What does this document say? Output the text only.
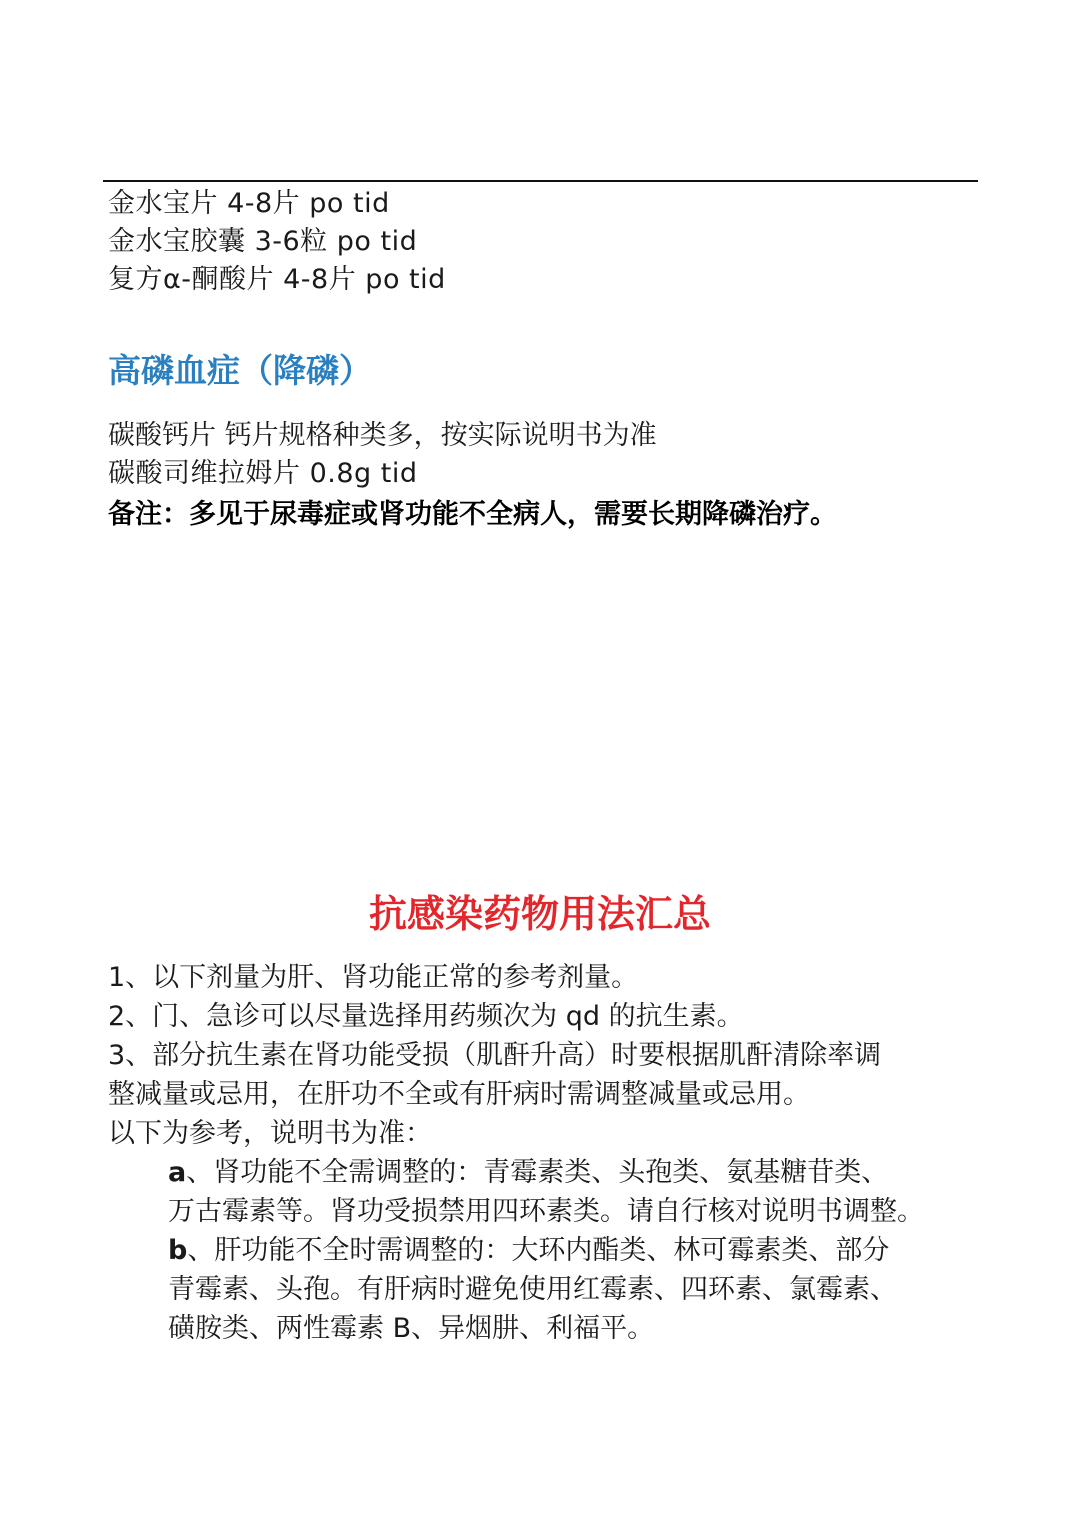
金水宝片 4-8片 po tid
金水宝胶囊 3-6粒 po tid
复方α-酮酸片 4-8片 po tid
高磷血症（降磷）
碳酸钙片 钙片规格种类多，按实际说明书为准
碳酸司维拉姆片 0.8g tid
备注：多见于尿毒症或肾功能不全病人，需要长期降磷治疗。
抗感染药物用法汇总
1、以下剂量为肝、肾功能正常的参考剂量。
2、门、急诊可以尽量选择用药频次为 qd 的抗生素。
3、部分抗生素在肾功能受损（肌酐升高）时要根据肌酐清除率调
整减量或忌用，在肝功不全或有肝病时需调整减量或忌用。
以下为参考，说明书为准：
a、肾功能不全需调整的：青霉素类、头孢类、氨基糖苷类、
万古霉素等。肾功受损禁用四环素类。请自行核对说明书调整。
b、肝功能不全时需调整的：大环内酯类、林可霉素类、部分
青霉素、头孢。有肝病时避免使用红霉素、四环素、氯霉素、
磺胺类、两性霉素 B、异烟肼、利福平。
